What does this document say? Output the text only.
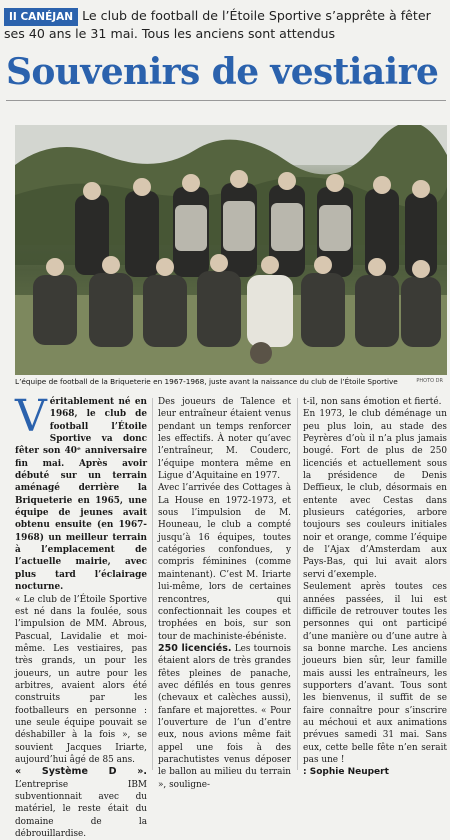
II CANÉJAN Le club de football de l’Étoile Sportive s’apprête à fêter ses 40 ans le 31 mai. Tous les anciens sont attendus

Souvenirs de vestiaire
L’équipe de football de la Briqueterie en 1967-1968, juste avant la naissance du club de l’Étoile Sportive	PHOTO DR

Véritablement né en 1968, le club de football l’Étoile Sportive va donc fêter son 40ᵉ anniversaire fin mai. Après avoir débuté sur un terrain aménagé derrière la Briqueterie en 1965, une équipe de jeunes avait obtenu ensuite (en 1967-1968) un meilleur terrain à l’emplacement de l’actuelle mairie, avec plus tard l’éclairage nocturne.

« Le club de l’Étoile Sportive est né dans la foulée, sous l’impulsion de MM. Abrous, Pascual, Lavidalie et moi-même. Les vestiaires, pas très grands, un pour les joueurs, un autre pour les arbitres, avaient alors été construits par les footballeurs en personne : une seule équipe pouvait se déshabiller à la fois », se souvient Jacques Iriarte, aujourd’hui âgé de 85 ans.

« Système D ». L’entreprise IBM subventionnait avec du matériel, le reste était du domaine de la débrouillardise.

Des joueurs de Talence et leur entraîneur étaient venus pendant un temps renforcer les effectifs. À noter qu’avec l’entraîneur, M. Couderc, l’équipe montera même en Ligue d’Aquitaine en 1977.

Avec l’arrivée des Cottages à La House en 1972-1973, et sous l’impulsion de M. Houneau, le club a compté jusqu’à 16 équipes, toutes catégories confondues, y compris féminines (comme maintenant). C’est M. Iriarte lui-même, lors de certaines rencontres, qui confectionnait les coupes et trophées en bois, sur son tour de machiniste-ébéniste.

250 licenciés. Les tournois étaient alors de très grandes fêtes pleines de panache, avec défilés en tous genres (chevaux et calèches aussi), fanfare et majorettes. « Pour l’ouverture de l’un d’entre eux, nous avions même fait appel une fois à des parachutistes venus déposer le ballon au milieu du terrain », souligne-

t-il, non sans émotion et fierté.

En 1973, le club déménage un peu plus loin, au stade des Peyrères d’où il n’a plus jamais bougé. Fort de plus de 250 licenciés et actuellement sous la présidence de Denis Deffieux, le club, désormais en entente avec Cestas dans plusieurs catégories, arbore toujours ses couleurs initiales noir et orange, comme l’équipe de l’Ajax d’Amsterdam aux Pays-Bas, qui lui avait alors servi d’exemple.

Seulement après toutes ces années passées, il lui est difficile de retrouver toutes les personnes qui ont participé d’une manière ou d’une autre à sa bonne marche. Les anciens joueurs bien sûr, leur famille mais aussi les entraîneurs, les supporters d’avant. Tous sont les bienvenus, il suffit de se faire connaître pour s’inscrire au méchoui et aux animations prévues samedi 31 mai. Sans eux, cette belle fête n’en serait pas une !

: Sophie Neupert
